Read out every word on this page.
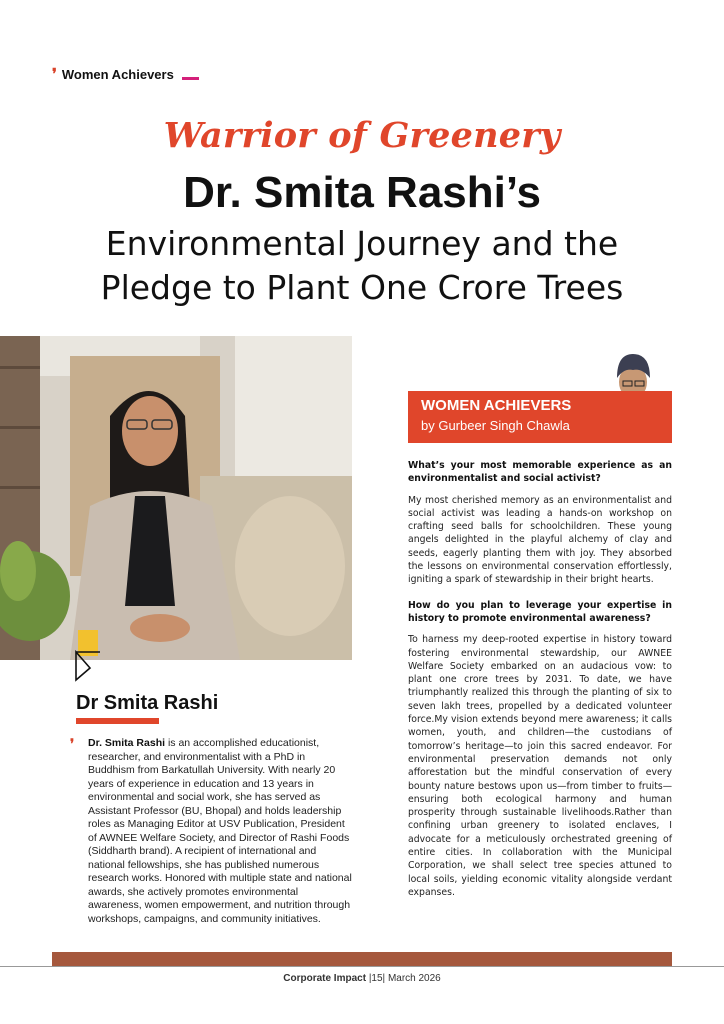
❜ Women Achievers
Warrior of Greenery
Dr. Smita Rashi’s
Environmental Journey and the
Pledge to Plant One Crore Trees
Dr Smita Rashi
❜	Dr. Smita Rashi is an accomplished educationist, researcher, and environmentalist with a PhD in Buddhism from Barkatullah University. With nearly 20 years of experience in education and 13 years in environmental and social work, she has served as Assistant Professor (BU, Bhopal) and holds leadership roles as Managing Editor at USV Publication, President of AWNEE Welfare Society, and Director of Rashi Foods (Siddharth brand). A recipient of international and national fellowships, she has published numerous research works. Honored with multiple state and national awards, she actively promotes environmental awareness, women empowerment, and nutrition through workshops, campaigns, and community initiatives.

WOMEN ACHIEVERS
by Gurbeer Singh Chawla

What’s your most memorable experience as an environmentalist and social activist?

My most cherished memory as an environmentalist and social activist was leading a hands-on workshop on crafting seed balls for schoolchildren. These young angels delighted in the playful alchemy of clay and seeds, eagerly planting them with joy. They absorbed the lessons on environmental conservation effortlessly, igniting a spark of stewardship in their bright hearts.

How do you plan to leverage your expertise in history to promote environmental awareness?

To harness my deep-rooted expertise in history toward fostering environmental stewardship, our AWNEE Welfare Society embarked on an audacious vow: to plant one crore trees by 2031. To date, we have triumphantly realized this through the planting of six to seven lakh trees, propelled by a dedicated volunteer force.My vision extends beyond mere awareness; it calls women, youth, and children—the custodians of tomorrow’s heritage—to join this sacred endeavor. For environmental preservation demands not only afforestation but the mindful conservation of every bounty nature bestows upon us—from timber to fruits—ensuring both ecological harmony and human prosperity through sustainable livelihoods.Rather than confining urban greenery to isolated enclaves, I advocate for a meticulously orchestrated greening of entire cities. In collaboration with the Municipal Corporation, we shall select tree species attuned to local soils, yielding economic vitality alongside verdant expanses.

Corporate Impact |15| March 2026
